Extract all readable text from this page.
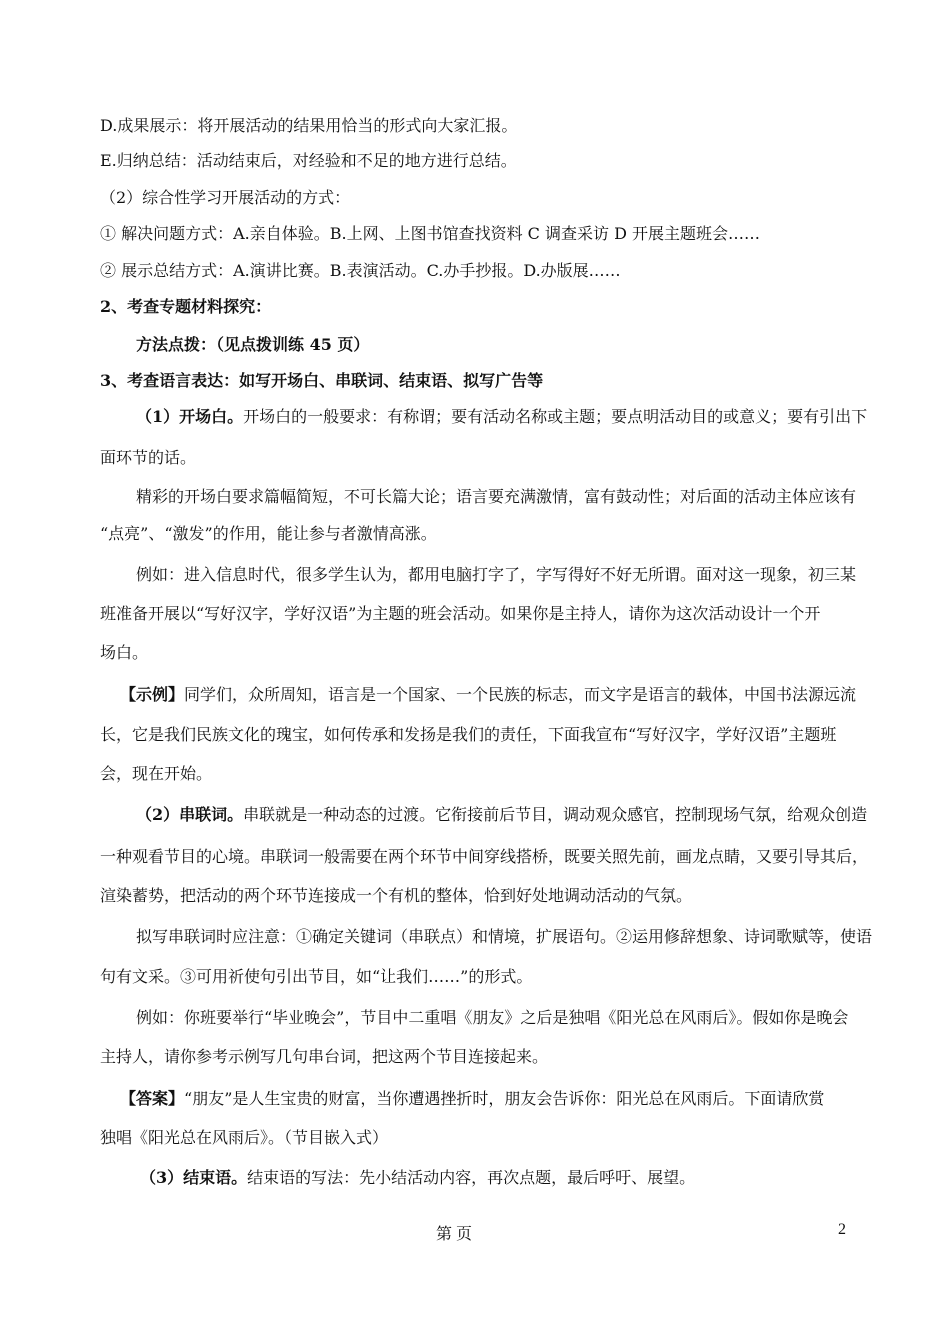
D.成果展示：将开展活动的结果用恰当的形式向大家汇报。
E.归纳总结：活动结束后，对经验和不足的地方进行总结。
（2）综合性学习开展活动的方式：
① 解决问题方式：A.亲自体验。B.上网、上图书馆查找资料 C 调查采访 D 开展主题班会……
② 展示总结方式：A.演讲比赛。B.表演活动。C.办手抄报。D.办版展……
2、考查专题材料探究：
方法点拨：（见点拨训练 45 页）
3、考查语言表达：如写开场白、串联词、结束语、拟写广告等
（1）开场白。开场白的一般要求：有称谓；要有活动名称或主题；要点明活动目的或意义；要有引出下
面环节的话。
精彩的开场白要求篇幅简短，不可长篇大论；语言要充满激情，富有鼓动性；对后面的活动主体应该有
“点亮”、“激发”的作用，能让参与者激情高涨。
例如：进入信息时代，很多学生认为，都用电脑打字了，字写得好不好无所谓。面对这一现象，初三某
班准备开展以“写好汉字，学好汉语”为主题的班会活动。如果你是主持人，请你为这次活动设计一个开
场白。
【示例】同学们，众所周知，语言是一个国家、一个民族的标志，而文字是语言的载体，中国书法源远流
长，它是我们民族文化的瑰宝，如何传承和发扬是我们的责任，下面我宣布“写好汉字，学好汉语”主题班
会，现在开始。
（2）串联词。串联就是一种动态的过渡。它衔接前后节目，调动观众感官，控制现场气氛，给观众创造
一种观看节目的心境。串联词一般需要在两个环节中间穿线搭桥，既要关照先前，画龙点睛，又要引导其后，
渲染蓄势，把活动的两个环节连接成一个有机的整体，恰到好处地调动活动的气氛。
拟写串联词时应注意：①确定关键词（串联点）和情境，扩展语句。②运用修辞想象、诗词歌赋等，使语
句有文采。③可用祈使句引出节目，如“让我们……”的形式。
例如：你班要举行“毕业晚会”，节目中二重唱《朋友》之后是独唱《阳光总在风雨后》。假如你是晚会
主持人，请你参考示例写几句串台词，把这两个节目连接起来。
【答案】“朋友”是人生宝贵的财富，当你遭遇挫折时，朋友会告诉你：阳光总在风雨后。下面请欣赏
独唱《阳光总在风雨后》。（节目嵌入式）
（3）结束语。结束语的写法：先小结活动内容，再次点题，最后呼吁、展望。
第 页	2
